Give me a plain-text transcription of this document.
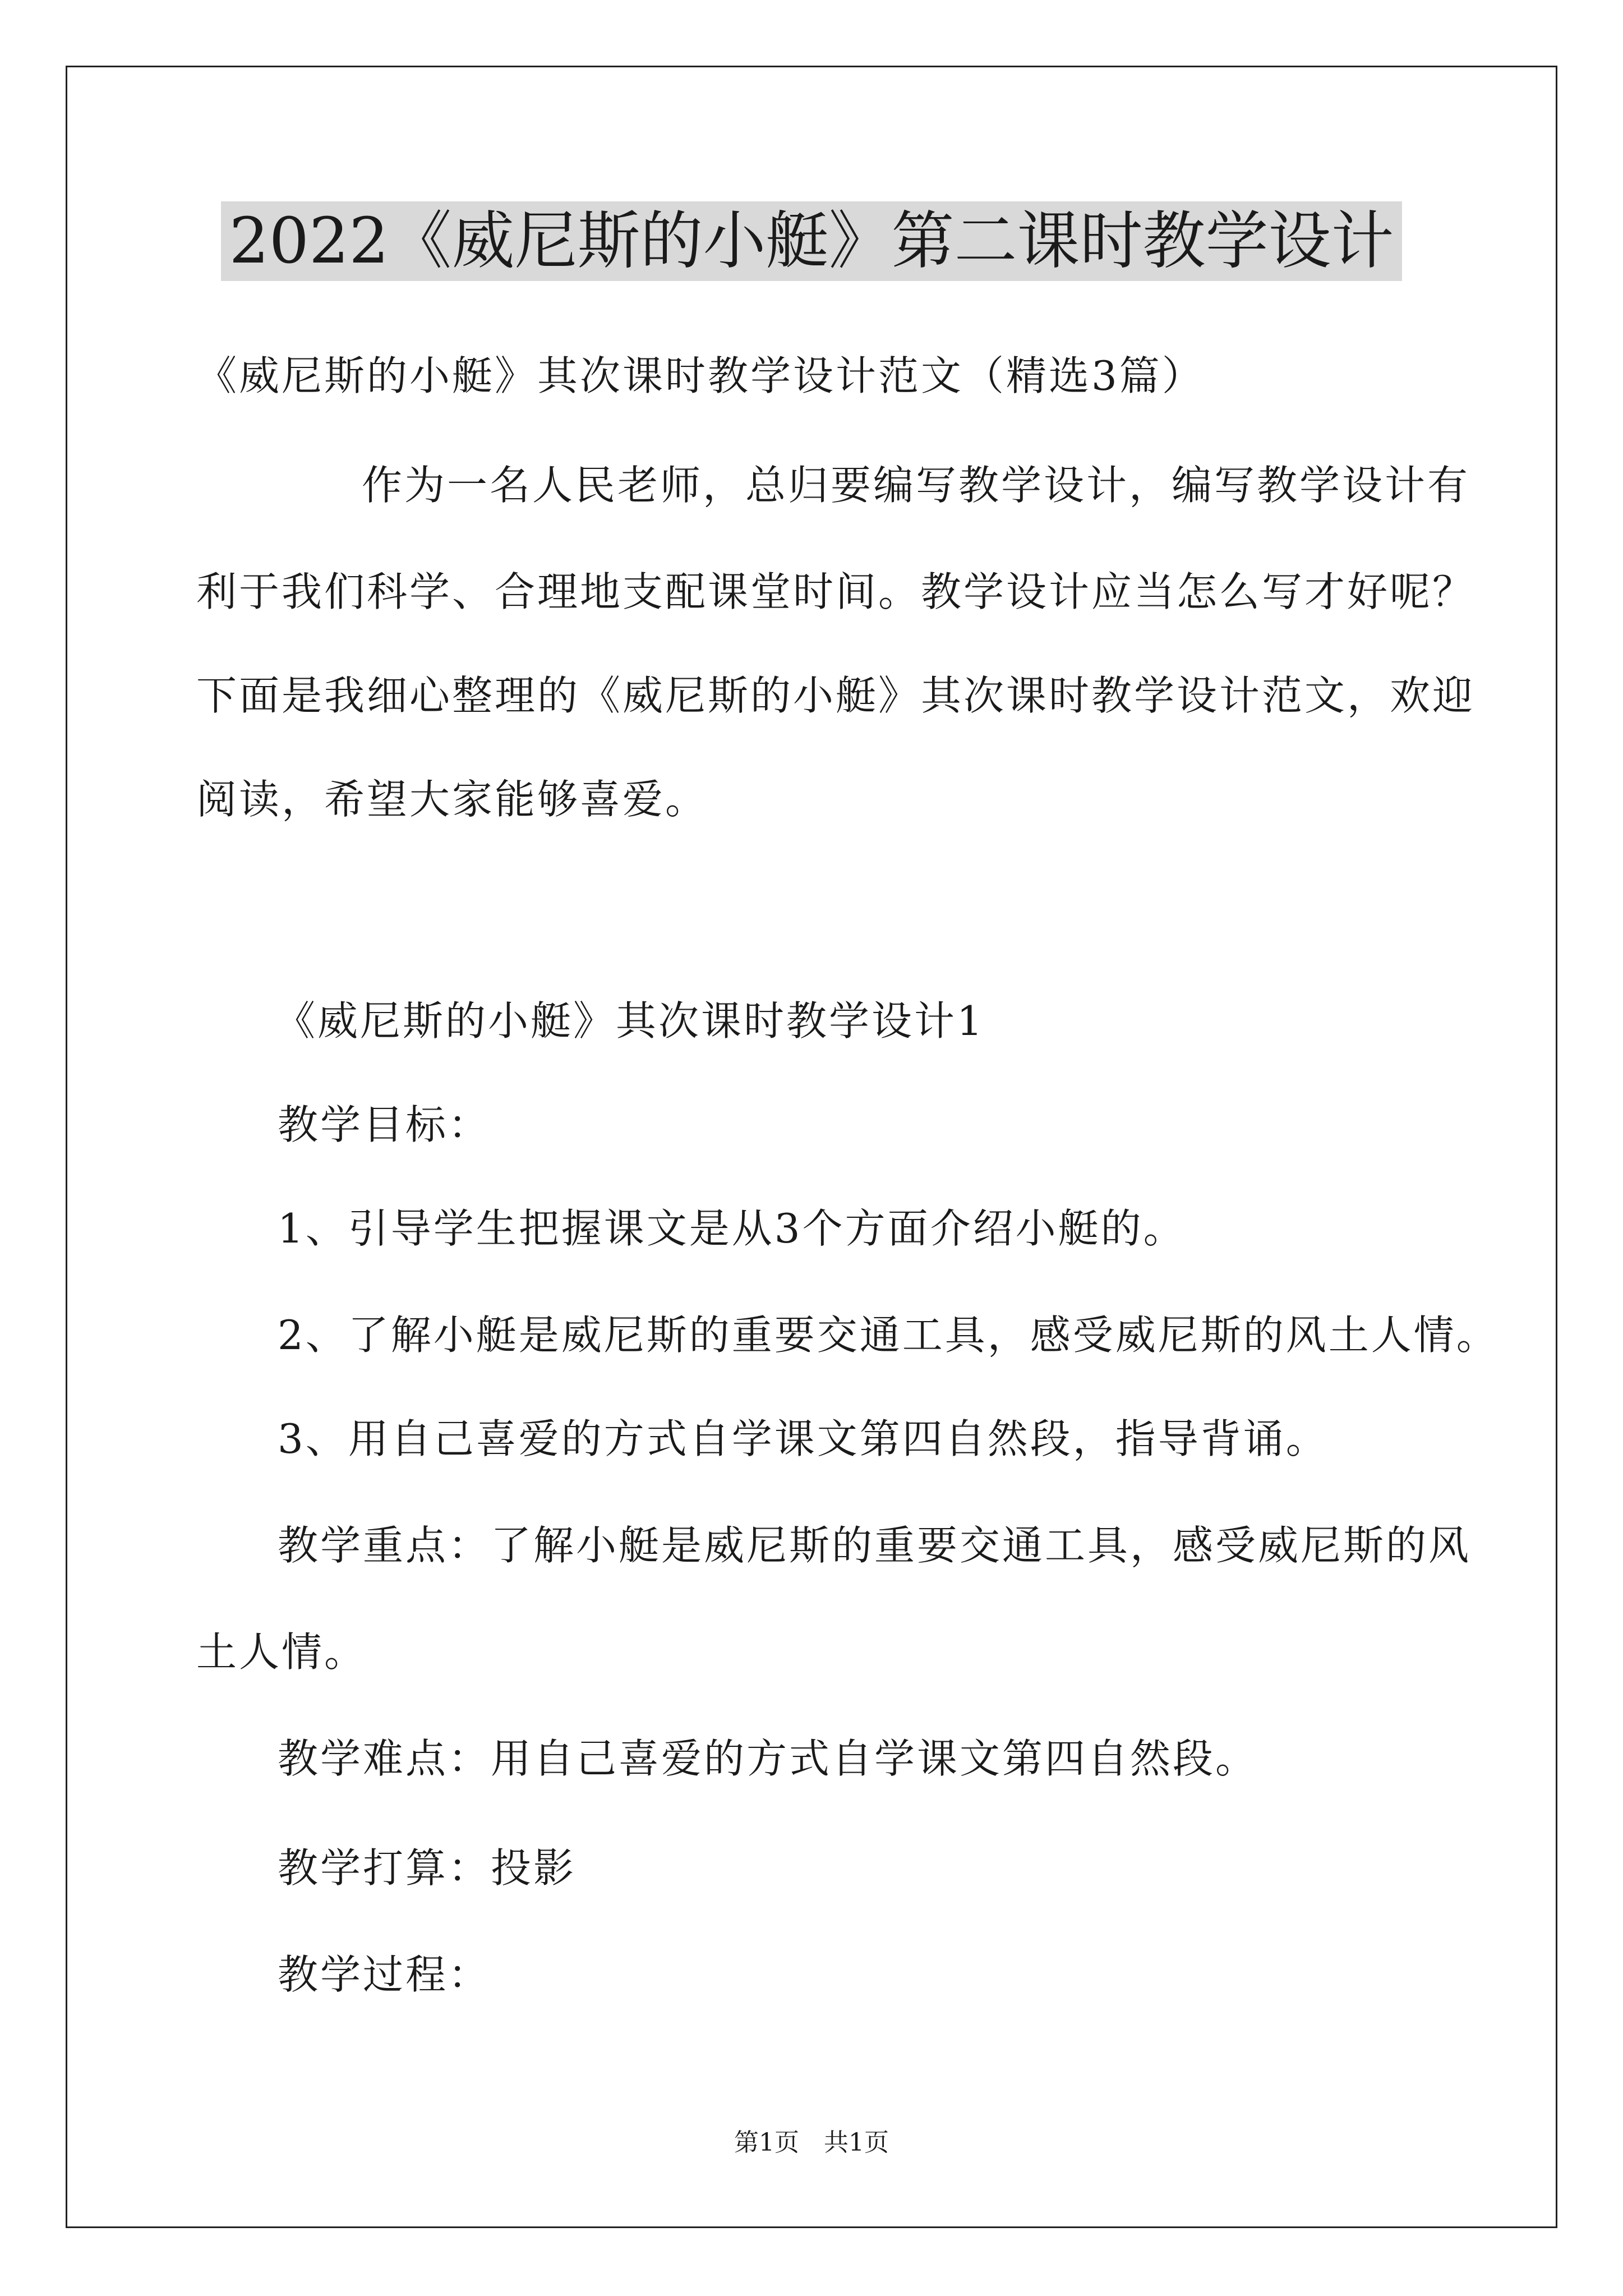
2022《威尼斯的小艇》第二课时教学设计
《威尼斯的小艇》其次课时教学设计范文（精选3篇）
作为一名人民老师，总归要编写教学设计，编写教学设计有
利于我们科学、合理地支配课堂时间。教学设计应当怎么写才好呢？
下面是我细心整理的《威尼斯的小艇》其次课时教学设计范文，欢迎
阅读，希望大家能够喜爱。
《威尼斯的小艇》其次课时教学设计1
教学目标：
1、引导学生把握课文是从3个方面介绍小艇的。
2、了解小艇是威尼斯的重要交通工具，感受威尼斯的风土人情。
3、用自己喜爱的方式自学课文第四自然段，指导背诵。
教学重点：了解小艇是威尼斯的重要交通工具，感受威尼斯的风
土人情。
教学难点：用自己喜爱的方式自学课文第四自然段。
教学打算：投影
教学过程：
第1页　共1页
